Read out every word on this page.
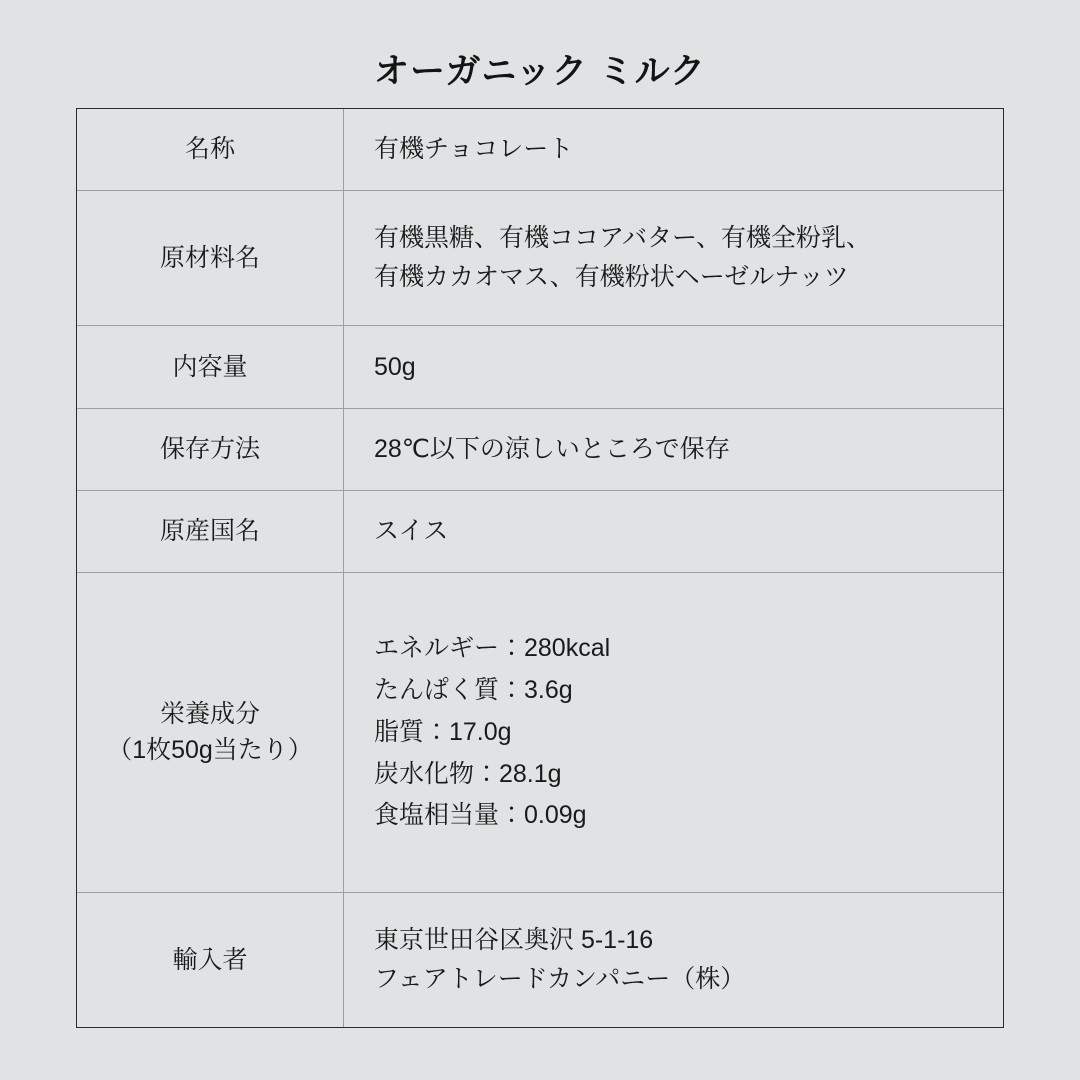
オーガニック ミルク
名称	有機チョコレート

原材料名	有機黒糖、有機ココアバター、有機全粉乳、
有機カカオマス、有機粉状ヘーゼルナッツ

内容量	50g

保存方法	28℃以下の涼しいところで保存

原産国名	スイス

栄養成分
（1枚50g当たり）	エネルギー：280kcal
たんぱく質：3.6g
脂質：17.0g
炭水化物：28.1g
食塩相当量：0.09g

輸入者	東京世田谷区奥沢 5-1-16
フェアトレードカンパニー（株）
